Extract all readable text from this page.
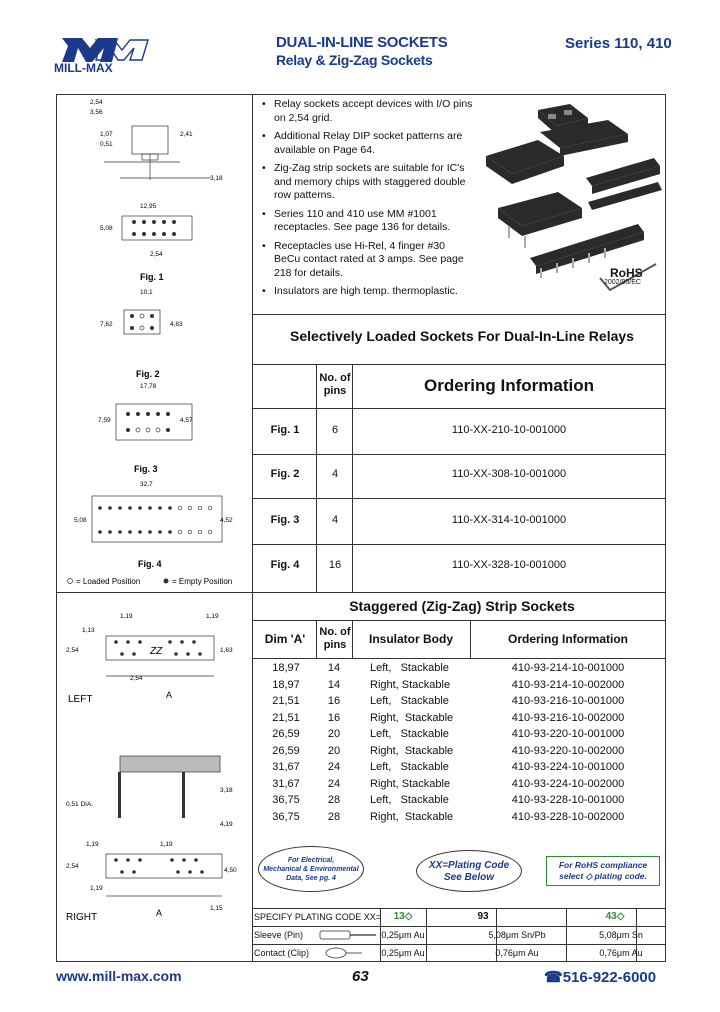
MILL-MAX
DUAL-IN-LINE SOCKETS
Relay & Zig-Zag Sockets
Series 110, 410
• Relay sockets accept devices with I/O pins on 2,54 grid.
• Additional Relay DIP socket patterns are available on Page 64.
• Zig-Zag strip sockets are suitable for IC's and memory chips with staggered double row patterns.
• Series 110 and 410 use MM #1001 receptacles. See page 136 for details.
• Receptacles use Hi-Rel, 4 finger #30 BeCu contact rated at 3 amps. See page 218 for details.
• Insulators are high temp. thermoplastic.
RoHS
2002/95/EC
2,54
3,56
1,07
0,51
2,41
3,18
12,95
5,08
2,54
Fig. 1
10,1
7,62	4,83
Fig. 2
17,78
7,59	4,57
Fig. 3
32,7
5,08	4,52
Fig. 4
= Loaded Position	= Empty Position
Selectively Loaded Sockets For Dual-In-Line Relays
No. of pins	Ordering Information
Fig. 1	6	110-XX-210-10-001000
Fig. 2	4	110-XX-308-10-001000
Fig. 3	4	110-XX-314-10-001000
Fig. 4	16	110-XX-328-10-001000
ZZ
1,19
1,13
2,54	1,63
1,19
2,54
A
LEFT
0,51 DIA.
3,18
4,19
1,19
2,54
1,19
1,19
4,50
1,15
A
RIGHT
Staggered (Zig-Zag) Strip Sockets
Dim 'A'	No. of pins	Insulator Body	Ordering Information
18,97	14	Left,   Stackable	410-93-214-10-001000
18,97	14	Right, Stackable	410-93-214-10-002000
21,51	16	Left,   Stackable	410-93-216-10-001000
21,51	16	Right,  Stackable	410-93-216-10-002000
26,59	20	Left,   Stackable	410-93-220-10-001000
26,59	20	Right,  Stackable	410-93-220-10-002000
31,67	24	Left,   Stackable	410-93-224-10-001000
31,67	24	Right, Stackable	410-93-224-10-002000
36,75	28	Left,   Stackable	410-93-228-10-001000
36,75	28	Right,  Stackable	410-93-228-10-002000
For Electrical,
Mechanical & Environmental
Data, See pg. 4
XX=Plating Code
See Below
For RoHS compliance
select ◇ plating code.
SPECIFY PLATING CODE XX=	13◇	93	43◇
Sleeve (Pin)	0,25μm Au	5,08μm Sn/Pb	5,08μm Sn
Contact (Clip)	0,25μm Au	0,76μm Au	0,76μm Au
www.mill-max.com	63	☎516-922-6000
